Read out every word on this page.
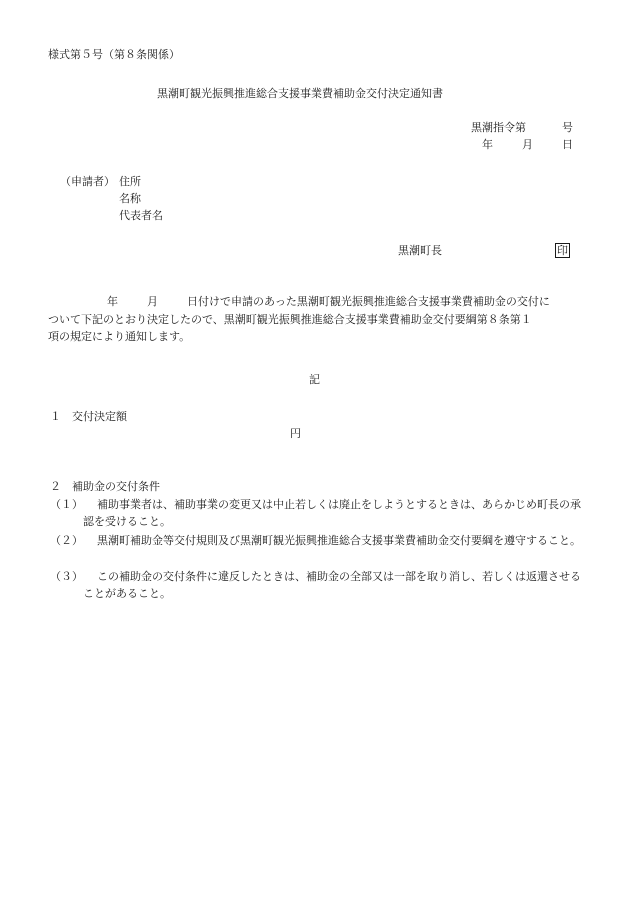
様式第５号（第８条関係）
黒潮町観光振興推進総合支援事業費補助金交付決定通知書
黒潮指令第	号
年	月	日
（申請者） 住所
名称
代表者名
黒潮町長	印
年	月	日付けで申請のあった黒潮町観光振興推進総合支援事業費補助金の交付に
ついて下記のとおり決定したので、黒潮町観光振興推進総合支援事業費補助金交付要綱第８条第１
項の規定により通知します。
記
１　交付決定額
円
２　補助金の交付条件
（１）	補助事業者は、補助事業の変更又は中止若しくは廃止をしようとするときは、あらかじめ町長の承認を受けること。
（２）	黒潮町補助金等交付規則及び黒潮町観光振興推進総合支援事業費補助金交付要綱を遵守すること。
（３）	この補助金の交付条件に違反したときは、補助金の全部又は一部を取り消し、若しくは返還させることがあること。
